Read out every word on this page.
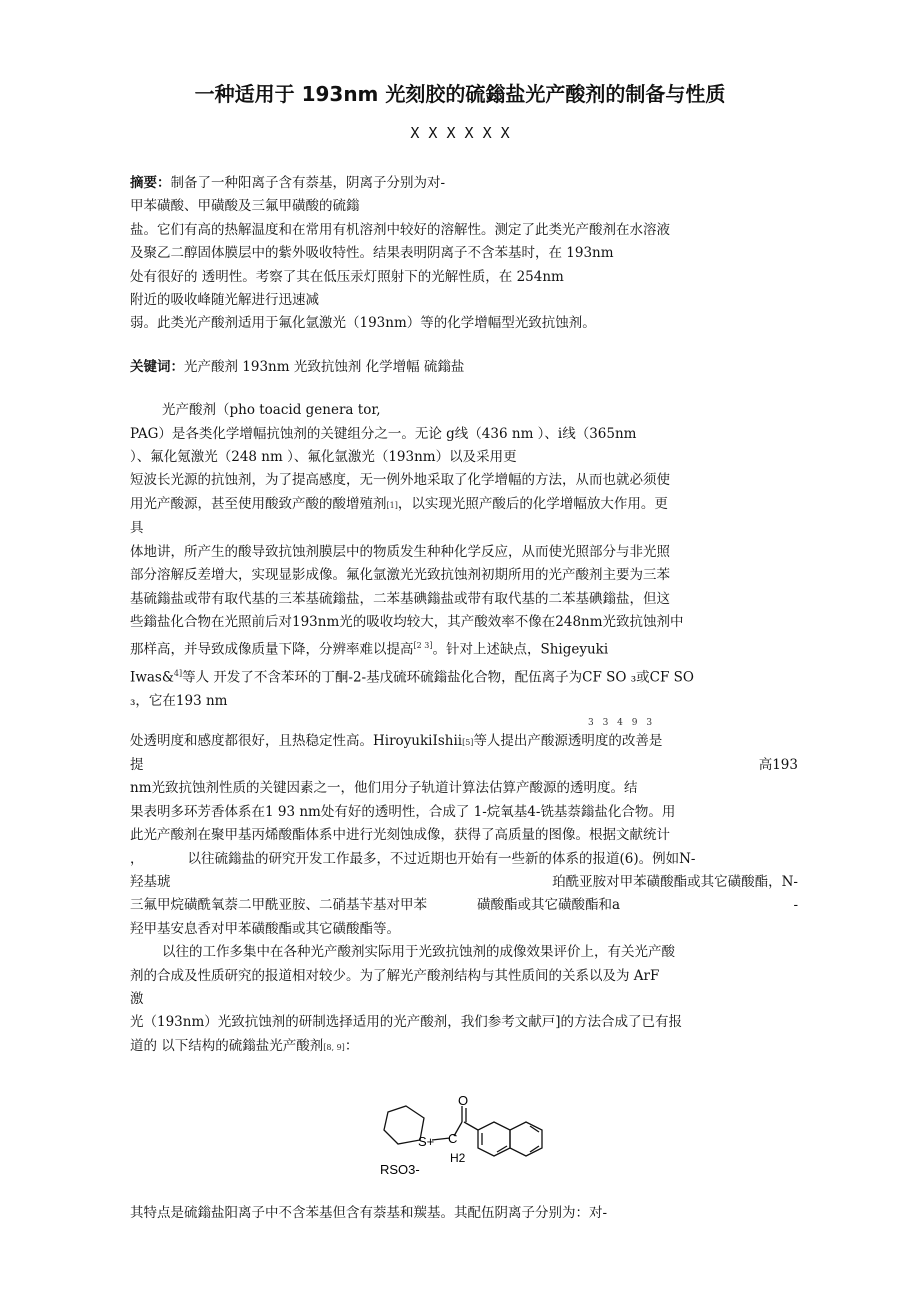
一种适用于 193nm 光刻胶的硫鎓盐光产酸剂的制备与性质
X X X X X X

摘要：制备了一种阳离子含有萘基，阴离子分别为对-

甲苯磺酸、甲磺酸及三氟甲磺酸的硫鎓

盐。它们有高的热解温度和在常用有机溶剂中较好的溶解性。测定了此类光产酸剂在水溶液

及聚乙二醇固体膜层中的紫外吸收特性。结果表明阴离子不含苯基时，在 193nm

处有很好的 透明性。考察了其在低压汞灯照射下的光解性质，在 254nm

附近的吸收峰随光解进行迅速减

弱。此类光产酸剂适用于氟化氩激光（193nm）等的化学增幅型光致抗蚀剂。

关键词：光产酸剂 193nm 光致抗蚀剂 化学增幅 硫鎓盐

光产酸剂（pho toacid genera tor,

PAG）是各类化学增幅抗蚀剂的关键组分之一。无论 g线（436 nm ）、i线（365nm

）、氟化氪激光（248 nm ）、氟化氩激光（193nm）以及采用更

短波长光源的抗蚀剂，为了提高感度，无一例外地采取了化学增幅的方法，从而也就必须使

用光产酸源，甚至使用酸致产酸的酸增殖剂[1]，以实现光照产酸后的化学增幅放大作用。更

具

体地讲，所产生的酸导致抗蚀剂膜层中的物质发生种种化学反应，从而使光照部分与非光照

部分溶解反差增大，实现显影成像。氟化氩激光光致抗蚀剂初期所用的光产酸剂主要为三苯

基硫鎓盐或带有取代基的三苯基硫鎓盐，二苯基碘鎓盐或带有取代基的二苯基碘鎓盐，但这

些鎓盐化合物在光照前后对193nm光的吸收均较大，其产酸效率不像在248nm光致抗蚀剂中

那样高，并导致成像质量下降，分辨率难以提高[2 3]。针对上述缺点，Shigeyuki

Iwas&$^{4]}$等人 开发了不含苯环的丁酮-2-基戊硫环硫鎓盐化合物，配伍离子为CF SO ₃或CF SO

₃，它在193 nm

3 3 4 9 3

处透明度和感度都很好，且热稳定性高。HiroyukiIshii[5]等人提出产酸源透明度的改善是

提	高193

nm光致抗蚀剂性质的关键因素之一，他们用分子轨道计算法估算产酸源的透明度。结

果表明多环芳香体系在1 93 nm处有好的透明性，合成了 1-烷氧基4-铣基萘鎓盐化合物。用

此光产酸剂在聚甲基丙烯酸酯体系中进行光刻蚀成像，获得了高质量的图像。根据文献统计

，	以往硫鎓盐的研究开发工作最多，不过近期也开始有一些新的体系的报道(6)。例如N-

羟基琥	珀酰亚胺对甲苯磺酸酯或其它磺酸酯，N-

三氟甲烷磺酰氧萘二甲酰亚胺、二硝基苄基对甲苯	磺酸酯或其它磺酸酯和a	-

羟甲基安息香对甲苯磺酸酯或其它磺酸酯等。

以往的工作多集中在各种光产酸剂实际用于光致抗蚀剂的成像效果评价上，有关光产酸

剂的合成及性质研究的报道相对较少。为了解光产酸剂结构与其性质间的关系以及为 ArF

激

光（193nm）光致抗蚀剂的研制选择适用的光产酸剂，我们参考文献戸]的方法合成了已有报

道的 以下结构的硫鎓盐光产酸剂[8, 9]：

O
S+ C
H2
RSO3-
其特点是硫鎓盐阳离子中不含苯基但含有萘基和羰基。其配伍阴离子分别为：对-
